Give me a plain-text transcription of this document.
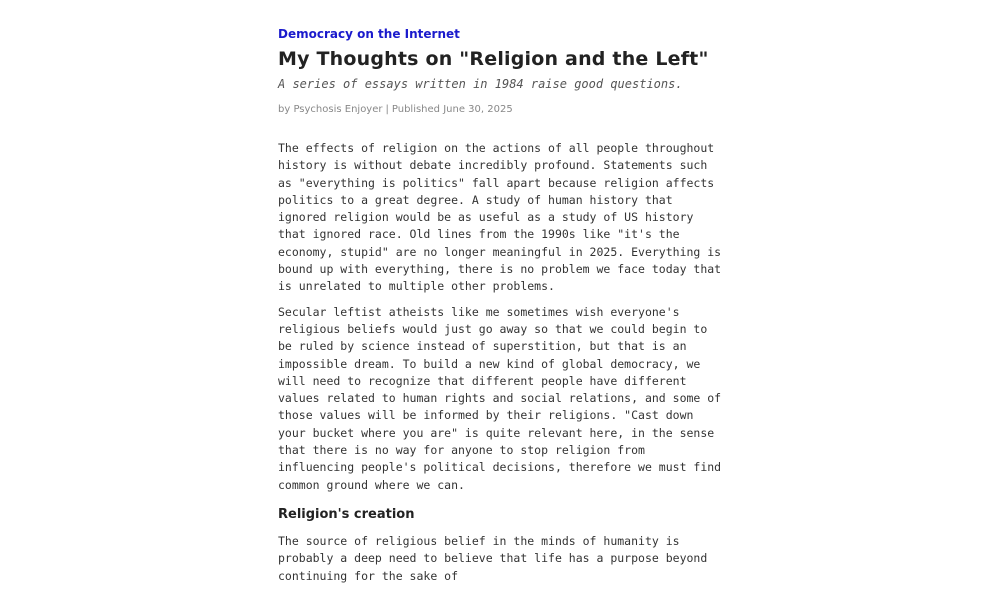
Democracy on the Internet
My Thoughts on "Religion and the Left"

A series of essays written in 1984 raise good questions.

by Psychosis Enjoyer | Published June 30, 2025

The effects of religion on the actions of all people throughout history is without debate incredibly profound. Statements such as "everything is politics" fall apart because religion affects politics to a great degree. A study of human history that ignored religion would be as useful as a study of US history that ignored race. Old lines from the 1990s like "it's the economy, stupid" are no longer meaningful in 2025. Everything is bound up with everything, there is no problem we face today that is unrelated to multiple other problems.

Secular leftist atheists like me sometimes wish everyone's religious beliefs would just go away so that we could begin to be ruled by science instead of superstition, but that is an impossible dream. To build a new kind of global democracy, we will need to recognize that different people have different values related to human rights and social relations, and some of those values will be informed by their religions. "Cast down your bucket where you are" is quite relevant here, in the sense that there is no way for anyone to stop religion from influencing people's political decisions, therefore we must find common ground where we can.

Religion's creation

The source of religious belief in the minds of humanity is probably a deep need to believe that life has a purpose beyond continuing for the sake of
